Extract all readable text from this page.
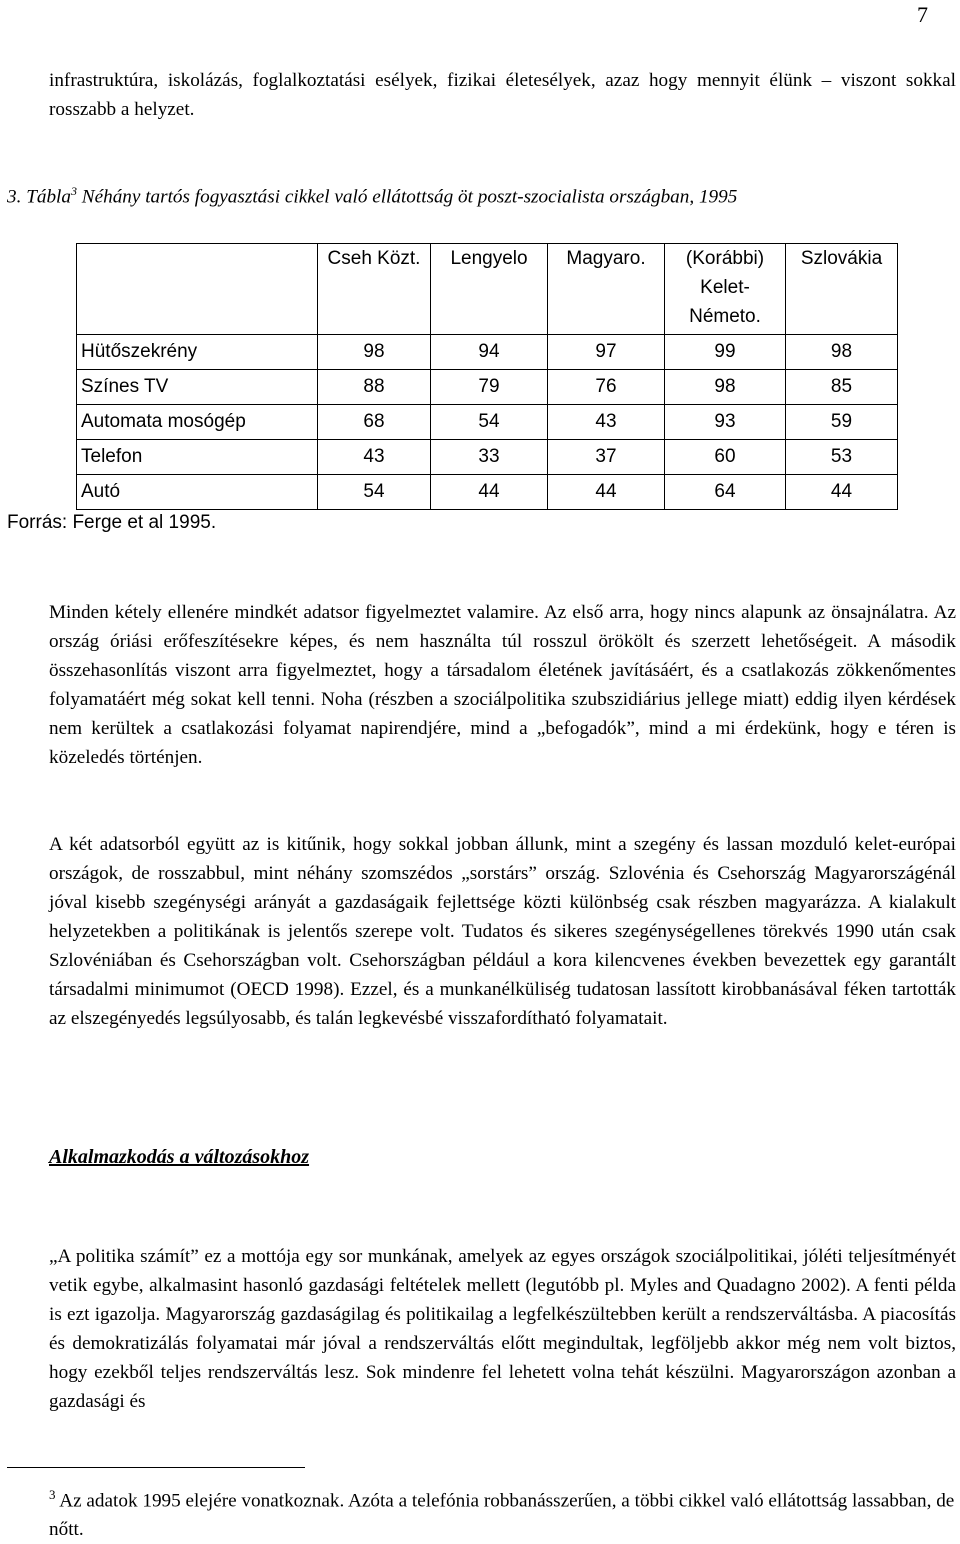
7

infrastruktúra, iskolázás, foglalkoztatási esélyek, fizikai életesélyek, azaz hogy mennyit élünk – viszont sokkal rosszabb a helyzet.

3. Tábla$^3$ Néhány tartós fogyasztási cikkel való ellátottság öt poszt-szocialista országban, 1995

	Cseh Közt.	Lengyelo	Magyaro.	(Korábbi) Kelet-Németo.	Szlovákia
Hütőszekrény	98	94	97	99	98
Színes TV	88	79	76	98	85
Automata mosógép	68	54	43	93	59
Telefon	43	33	37	60	53
Autó	54	44	44	64	44

Forrás: Ferge et al 1995.

Minden kétely ellenére mindkét adatsor figyelmeztet valamire. Az első arra, hogy nincs alapunk az önsajnálatra. Az ország óriási erőfeszítésekre képes, és nem használta túl rosszul örökölt és szerzett lehetőségeit. A második összehasonlítás viszont arra figyelmeztet, hogy a társadalom életének javításáért, és a csatlakozás zökkenőmentes folyamatáért még sokat kell tenni. Noha (részben a szociálpolitika szubszidiárius jellege miatt) eddig ilyen kérdések nem kerültek a csatlakozási folyamat napirendjére, mind a „befogadók”, mind a mi érdekünk, hogy e téren is közeledés történjen.

A két adatsorból együtt az is kitűnik, hogy sokkal jobban állunk, mint a szegény és lassan mozduló kelet-európai országok, de rosszabbul, mint néhány szomszédos „sorstárs” ország. Szlovénia és Csehország Magyarországénál jóval kisebb szegénységi arányát a gazdaságaik fejlettsége közti különbség csak részben magyarázza. A kialakult helyzetekben a politikának is jelentős szerepe volt. Tudatos és sikeres szegénységellenes törekvés 1990 után csak Szlovéniában és Csehországban volt. Csehországban például a kora kilencvenes években bevezettek egy garantált társadalmi minimumot (OECD 1998). Ezzel, és a munkanélküliség tudatosan lassított kirobbanásával féken tartották az elszegényedés legsúlyosabb, és talán legkevésbé visszafordítható folyamatait.

Alkalmazkodás a változásokhoz

„A politika számít” ez a mottója egy sor munkának, amelyek az egyes országok szociálpolitikai, jóléti teljesítményét vetik egybe, alkalmasint hasonló gazdasági feltételek mellett (legutóbb pl. Myles and Quadagno 2002). A fenti példa is ezt igazolja. Magyarország gazdaságilag és politikailag a legfelkészültebben került a rendszerváltásba. A piacosítás és demokratizálás folyamatai már jóval a rendszerváltás előtt megindultak, legföljebb akkor még nem volt biztos, hogy ezekből teljes rendszerváltás lesz. Sok mindenre fel lehetett volna tehát készülni. Magyarországon azonban a gazdasági és

$^3$ Az adatok 1995 elejére vonatkoznak. Azóta a telefónia robbanásszerűen, a többi cikkel való ellátottság lassabban, de nőtt.
